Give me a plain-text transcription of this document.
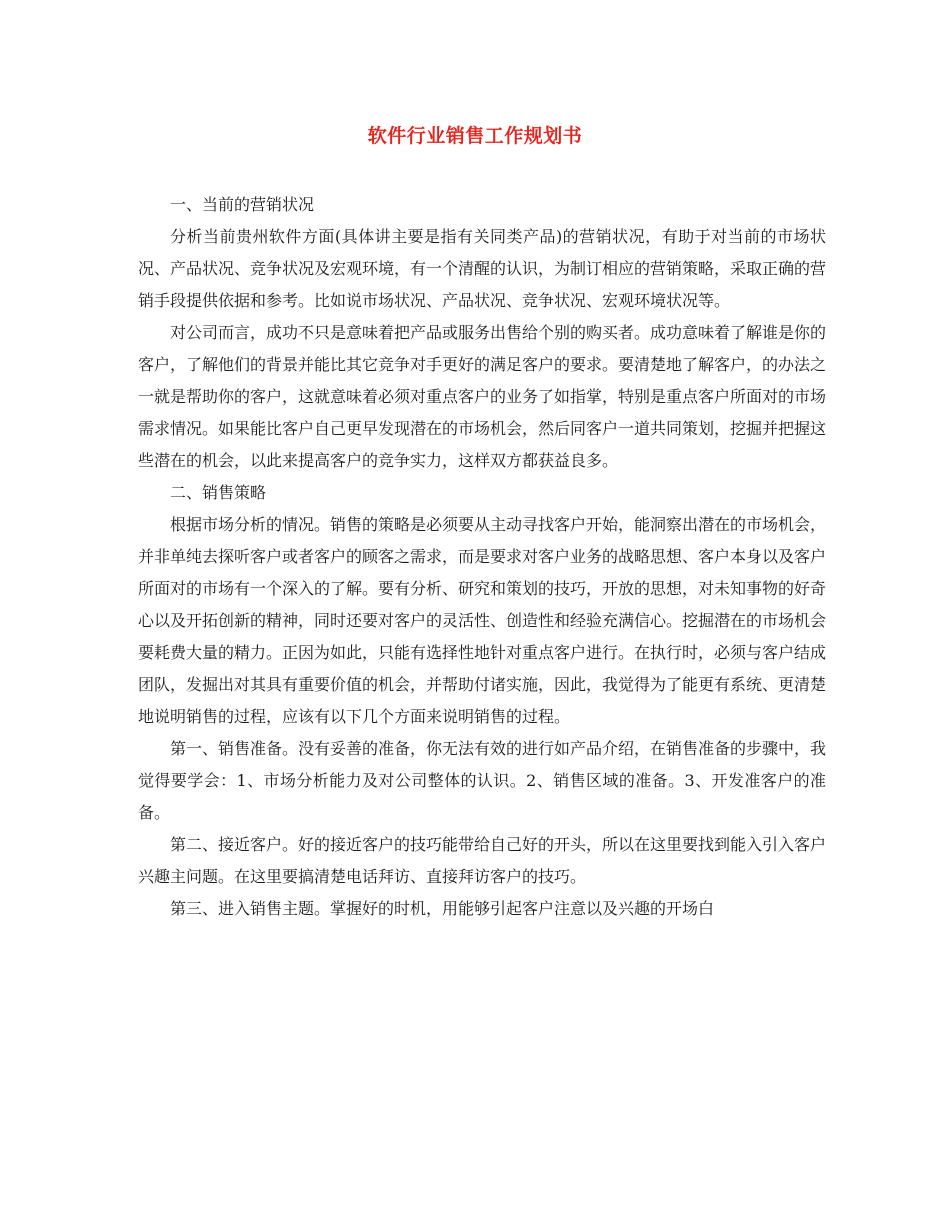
软件行业销售工作规划书

一、当前的营销状况

分析当前贵州软件方面(具体讲主要是指有关同类产品)的营销状况，有助于对当前的市场状况、产品状况、竞争状况及宏观环境，有一个清醒的认识，为制订相应的营销策略，采取正确的营销手段提供依据和参考。比如说市场状况、产品状况、竞争状况、宏观环境状况等。

对公司而言，成功不只是意味着把产品或服务出售给个别的购买者。成功意味着了解谁是你的客户，了解他们的背景并能比其它竞争对手更好的满足客户的要求。要清楚地了解客户，的办法之一就是帮助你的客户，这就意味着必须对重点客户的业务了如指掌，特别是重点客户所面对的市场需求情况。如果能比客户自己更早发现潜在的市场机会，然后同客户一道共同策划，挖掘并把握这些潜在的机会，以此来提高客户的竞争实力，这样双方都获益良多。

二、销售策略

根据市场分析的情况。销售的策略是必须要从主动寻找客户开始，能洞察出潜在的市场机会，并非单纯去探听客户或者客户的顾客之需求，而是要求对客户业务的战略思想、客户本身以及客户所面对的市场有一个深入的了解。要有分析、研究和策划的技巧，开放的思想，对未知事物的好奇心以及开拓创新的精神，同时还要对客户的灵活性、创造性和经验充满信心。挖掘潜在的市场机会要耗费大量的精力。正因为如此，只能有选择性地针对重点客户进行。在执行时，必须与客户结成团队，发掘出对其具有重要价值的机会，并帮助付诸实施，因此，我觉得为了能更有系统、更清楚地说明销售的过程，应该有以下几个方面来说明销售的过程。

第一、销售准备。没有妥善的准备，你无法有效的进行如产品介绍，在销售准备的步骤中，我觉得要学会：1、市场分析能力及对公司整体的认识。2、销售区域的准备。3、开发准客户的准备。

第二、接近客户。好的接近客户的技巧能带给自己好的开头，所以在这里要找到能入引入客户兴趣主问题。在这里要搞清楚电话拜访、直接拜访客户的技巧。

第三、进入销售主题。掌握好的时机，用能够引起客户注意以及兴趣的开场白
